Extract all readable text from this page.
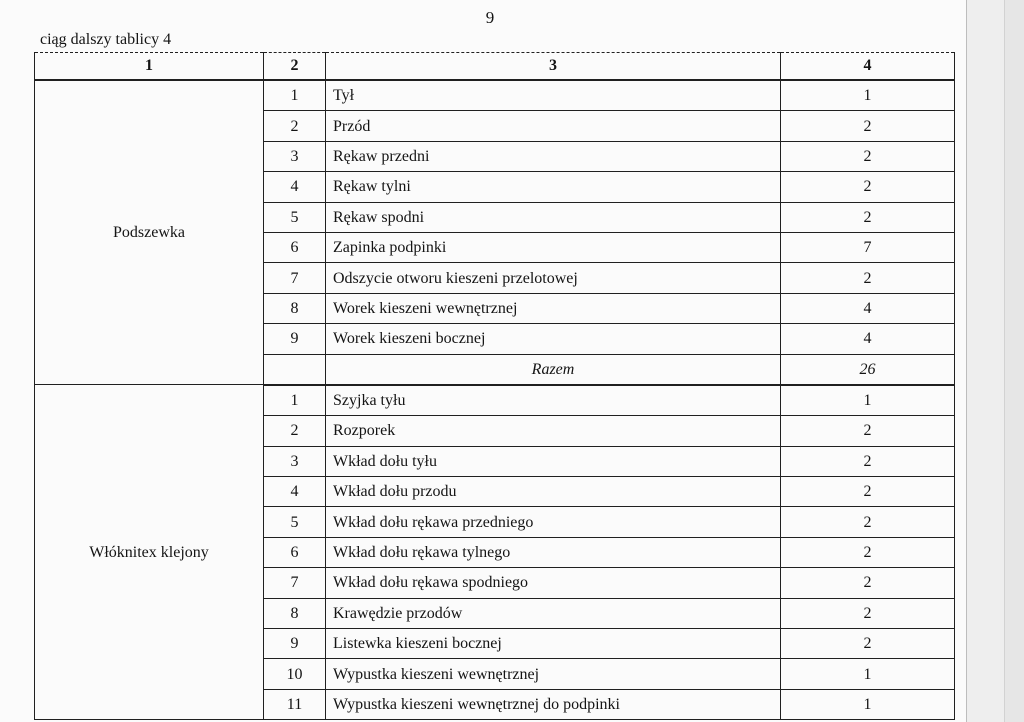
9
ciąg dalszy tablicy 4
1	2	3	4
Podszewka	1	Tył	1
	2	Przód	2
	3	Rękaw przedni	2
	4	Rękaw tylni	2
	5	Rękaw spodni	2
	6	Zapinka podpinki	7
	7	Odszycie otworu kieszeni przelotowej	2
	8	Worek kieszeni wewnętrznej	4
	9	Worek kieszeni bocznej	4
		Razem	26
Włóknitex klejony	1	Szyjka tyłu	1
	2	Rozporek	2
	3	Wkład dołu tyłu	2
	4	Wkład dołu przodu	2
	5	Wkład dołu rękawa przedniego	2
	6	Wkład dołu rękawa tylnego	2
	7	Wkład dołu rękawa spodniego	2
	8	Krawędzie przodów	2
	9	Listewka kieszeni bocznej	2
	10	Wypustka kieszeni wewnętrznej	1
	11	Wypustka kieszeni wewnętrznej do podpinki	1
